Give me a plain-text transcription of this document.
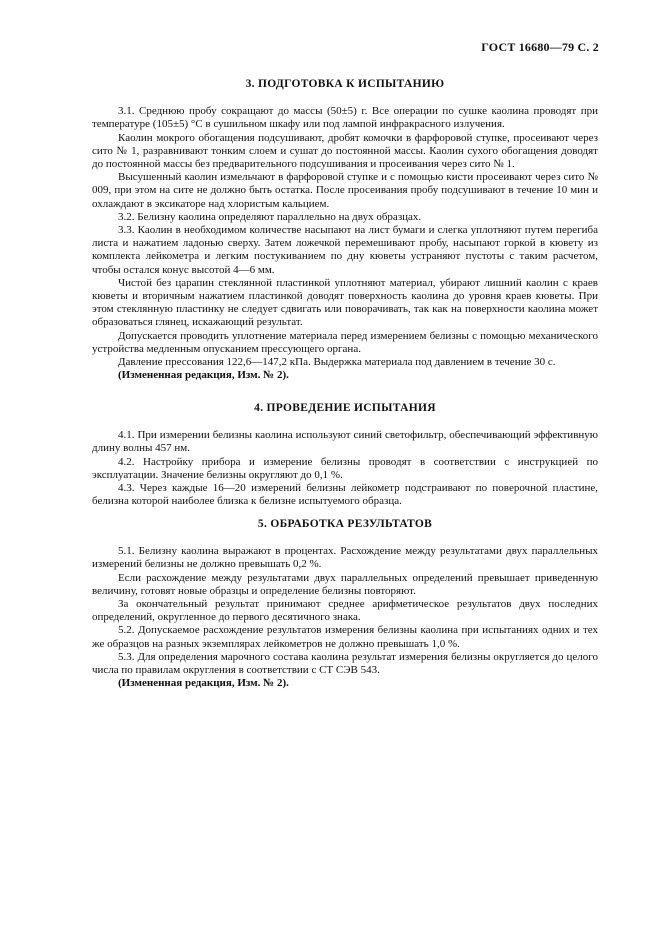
ГОСТ 16680—79 С. 2
3. ПОДГОТОВКА К ИСПЫТАНИЮ

3.1. Среднюю пробу сокращают до массы (50±5) г. Все операции по сушке каолина проводят при температуре (105±5) °С в сушильном шкафу или под лампой инфракрасного излучения.

Каолин мокрого обогащения подсушивают, дробят комочки в фарфоровой ступке, просеивают через сито № 1, разравнивают тонким слоем и сушат до постоянной массы. Каолин сухого обогащения доводят до постоянной массы без предварительного подсушивания и просеивания через сито № 1.

Высушенный каолин измельчают в фарфоровой ступке и с помощью кисти просеивают через сито № 009, при этом на сите не должно быть остатка. После просеивания пробу подсушивают в течение 10 мин и охлаждают в эксикаторе над хлористым кальцием.

3.2. Белизну каолина определяют параллельно на двух образцах.

3.3. Каолин в необходимом количестве насыпают на лист бумаги и слегка уплотняют путем перегиба листа и нажатием ладонью сверху. Затем ложечкой перемешивают пробу, насыпают горкой в кювету из комплекта лейкометра и легким постукиванием по дну кюветы устраняют пустоты с таким расчетом, чтобы остался конус высотой 4—6 мм.

Чистой без царапин стеклянной пластинкой уплотняют материал, убирают лишний каолин с краев кюветы и вторичным нажатием пластинкой доводят поверхность каолина до уровня краев кюветы. При этом стеклянную пластинку не следует сдвигать или поворачивать, так как на поверхности каолина может образоваться глянец, искажающий результат.

Допускается проводить уплотнение материала перед измерением белизны с помощью механического устройства медленным опусканием прессующего органа.

Давление прессования 122,6—147,2 кПа. Выдержка материала под давлением в течение 30 с.

(Измененная редакция, Изм. № 2).

4. ПРОВЕДЕНИЕ ИСПЫТАНИЯ

4.1. При измерении белизны каолина используют синий светофильтр, обеспечивающий эффективную длину волны 457 нм.

4.2. Настройку прибора и измерение белизны проводят в соответствии с инструкцией по эксплуатации. Значение белизны округляют до 0,1 %.

4.3. Через каждые 16—20 измерений белизны лейкометр подстраивают по поверочной пластине, белизна которой наиболее близка к белизне испытуемого образца.

5. ОБРАБОТКА РЕЗУЛЬТАТОВ

5.1. Белизну каолина выражают в процентах. Расхождение между результатами двух параллельных измерений белизны не должно превышать 0,2 %.

Если расхождение между результатами двух параллельных определений превышает приведенную величину, готовят новые образцы и определение белизны повторяют.

За окончательный результат принимают среднее арифметическое результатов двух последних определений, округленное до первого десятичного знака.

5.2. Допускаемое расхождение результатов измерения белизны каолина при испытаниях одних и тех же образцов на разных экземплярах лейкометров не должно превышать 1,0 %.

5.3. Для определения марочного состава каолина результат измерения белизны округляется до целого числа по правилам округления в соответствии с СТ СЭВ 543.

(Измененная редакция, Изм. № 2).
